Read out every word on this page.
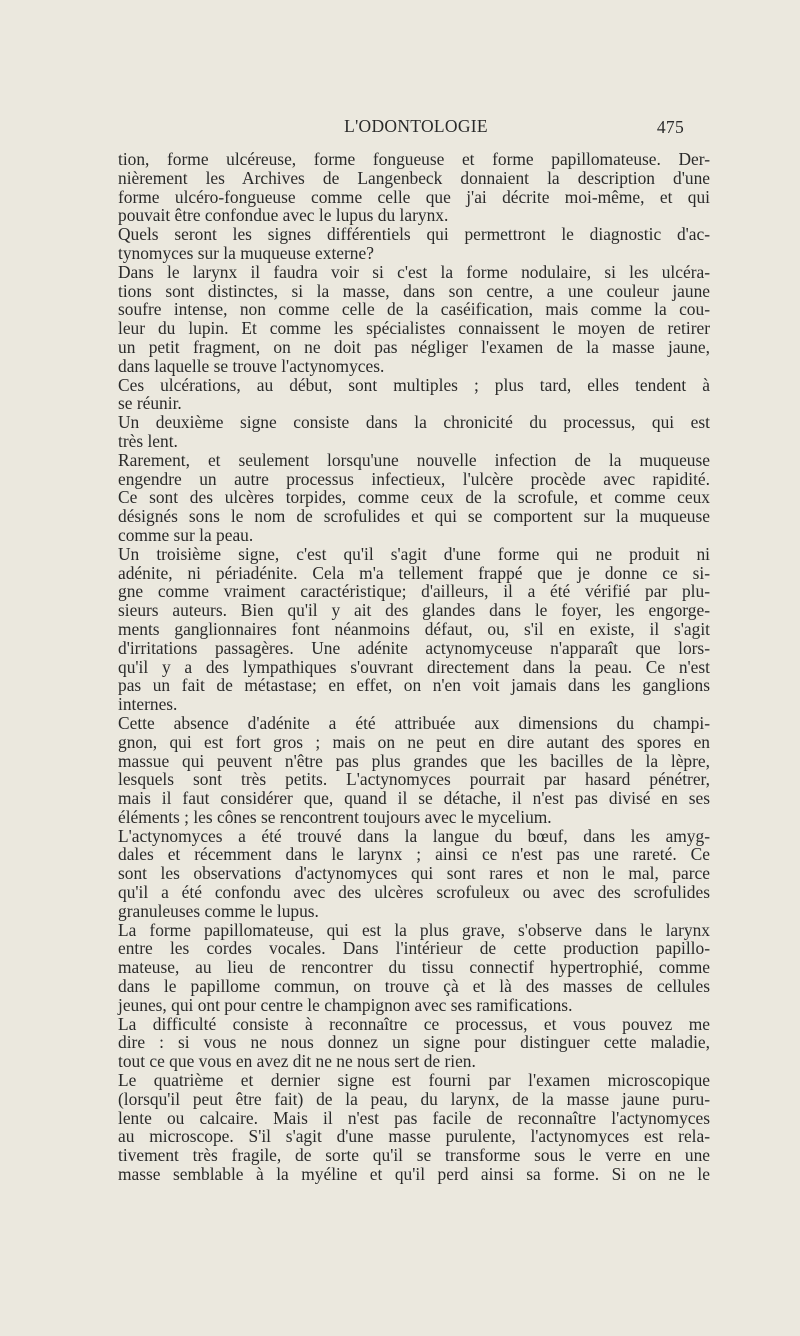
L'ODONTOLOGIE	475
tion, forme ulcéreuse, forme fongueuse et forme papillomateuse. Der-
nièrement les Archives de Langenbeck donnaient la description d'une
forme ulcéro-fongueuse comme celle que j'ai décrite moi-même, et qui
pouvait être confondue avec le lupus du larynx.
Quels seront les signes différentiels qui permettront le diagnostic d'ac-
tynomyces sur la muqueuse externe?
Dans le larynx il faudra voir si c'est la forme nodulaire, si les ulcéra-
tions sont distinctes, si la masse, dans son centre, a une couleur jaune
soufre intense, non comme celle de la caséification, mais comme la cou-
leur du lupin. Et comme les spécialistes connaissent le moyen de retirer
un petit fragment, on ne doit pas négliger l'examen de la masse jaune,
dans laquelle se trouve l'actynomyces.
Ces ulcérations, au début, sont multiples ; plus tard, elles tendent à
se réunir.
Un deuxième signe consiste dans la chronicité du processus, qui est
très lent.
Rarement, et seulement lorsqu'une nouvelle infection de la muqueuse
engendre un autre processus infectieux, l'ulcère procède avec rapidité.
Ce sont des ulcères torpides, comme ceux de la scrofule, et comme ceux
désignés sons le nom de scrofulides et qui se comportent sur la muqueuse
comme sur la peau.
Un troisième signe, c'est qu'il s'agit d'une forme qui ne produit ni
adénite, ni périadénite. Cela m'a tellement frappé que je donne ce si-
gne comme vraiment caractéristique; d'ailleurs, il a été vérifié par plu-
sieurs auteurs. Bien qu'il y ait des glandes dans le foyer, les engorge-
ments ganglionnaires font néanmoins défaut, ou, s'il en existe, il s'agit
d'irritations passagères. Une adénite actynomyceuse n'apparaît que lors-
qu'il y a des lympathiques s'ouvrant directement dans la peau. Ce n'est
pas un fait de métastase; en effet, on n'en voit jamais dans les ganglions
internes.
Cette absence d'adénite a été attribuée aux dimensions du champi-
gnon, qui est fort gros ; mais on ne peut en dire autant des spores en
massue qui peuvent n'être pas plus grandes que les bacilles de la lèpre,
lesquels sont très petits. L'actynomyces pourrait par hasard pénétrer,
mais il faut considérer que, quand il se détache, il n'est pas divisé en ses
éléments ; les cônes se rencontrent toujours avec le mycelium.
L'actynomyces a été trouvé dans la langue du bœuf, dans les amyg-
dales et récemment dans le larynx ; ainsi ce n'est pas une rareté. Ce
sont les observations d'actynomyces qui sont rares et non le mal, parce
qu'il a été confondu avec des ulcères scrofuleux ou avec des scrofulides
granuleuses comme le lupus.
La forme papillomateuse, qui est la plus grave, s'observe dans le larynx
entre les cordes vocales. Dans l'intérieur de cette production papillo-
mateuse, au lieu de rencontrer du tissu connectif hypertrophié, comme
dans le papillome commun, on trouve çà et là des masses de cellules
jeunes, qui ont pour centre le champignon avec ses ramifications.
La difficulté consiste à reconnaître ce processus, et vous pouvez me
dire : si vous ne nous donnez un signe pour distinguer cette maladie,
tout ce que vous en avez dit ne ne nous sert de rien.
Le quatrième et dernier signe est fourni par l'examen microscopique
(lorsqu'il peut être fait) de la peau, du larynx, de la masse jaune puru-
lente ou calcaire. Mais il n'est pas facile de reconnaître l'actynomyces
au microscope. S'il s'agit d'une masse purulente, l'actynomyces est rela-
tivement très fragile, de sorte qu'il se transforme sous le verre en une
masse semblable à la myéline et qu'il perd ainsi sa forme. Si on ne le
